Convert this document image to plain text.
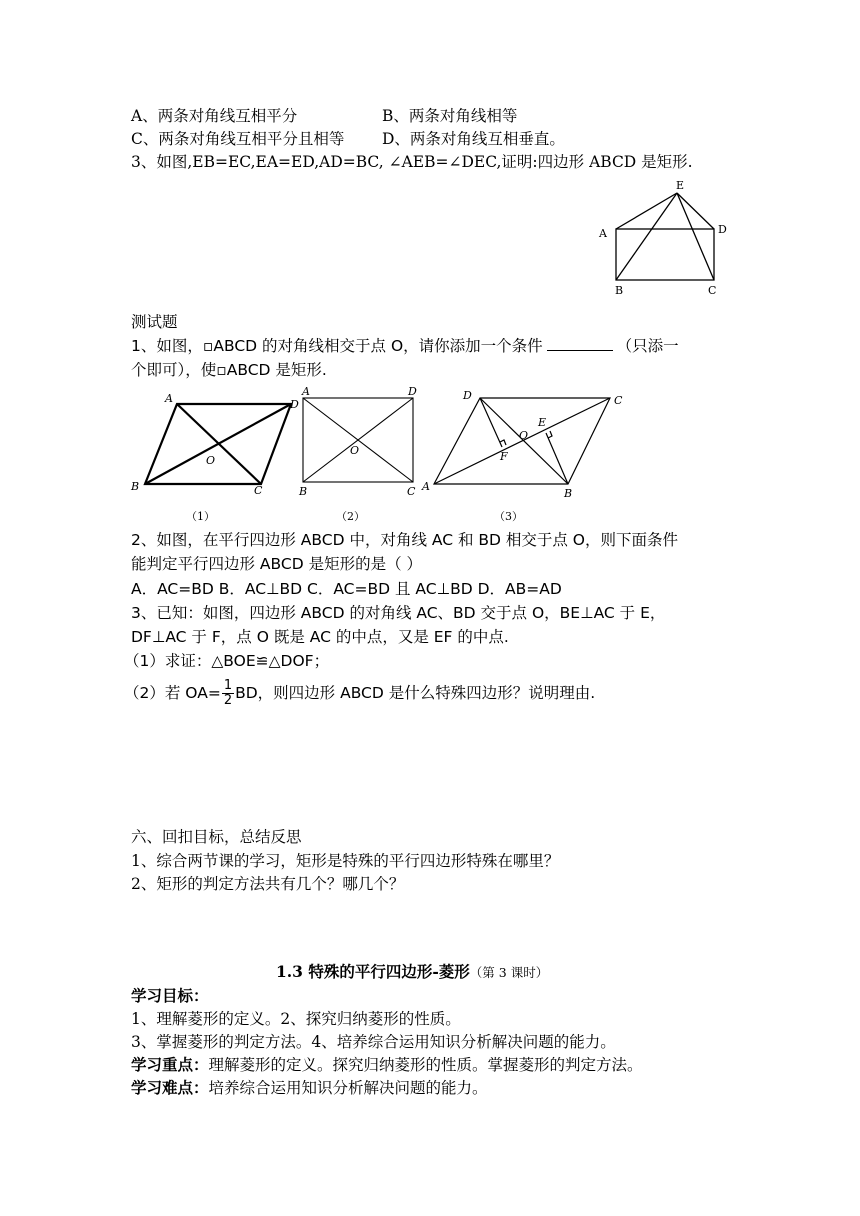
A、两条对角线互相平分	B、两条对角线相等
C、两条对角线互相平分且相等 D、两条对角线互相垂直。
3、如图,EB=EC,EA=ED,AD=BC, ∠AEB=∠DEC,证明:四边形 ABCD 是矩形.
E
A	D
B	C
测试题
1、如图，▫ABCD 的对角线相交于点 O，请你添加一个条件	（只添一
个即可），使▫ABCD 是矩形.
A	D
O
B	C
（1）
A	D
O
B	C
（2）
D	C
E
O
F
A
B
（3）
2、如图，在平行四边形 ABCD 中，对角线 AC 和 BD 相交于点 O，则下面条件
能判定平行四边形 ABCD 是矩形的是（ ）
A．AC=BD B．AC⊥BD C．AC=BD 且 AC⊥BD D．AB=AD
3、已知：如图，四边形 ABCD 的对角线 AC、BD 交于点 O，BE⊥AC 于 E，
DF⊥AC 于 F，点 O 既是 AC 的中点，又是 EF 的中点.
（1）求证：△BOE≌△DOF；
（2）若 $OA= \frac{1}{2}$ BD，则四边形 ABCD 是什么特殊四边形？说明理由.
六、回扣目标，总结反思
1、综合两节课的学习，矩形是特殊的平行四边形特殊在哪里？
2、矩形的判定方法共有几个？哪几个？
1.3 特殊的平行四边形-菱形（第 3 课时）
学习目标：
1、理解菱形的定义。2、探究归纳菱形的性质。
3、掌握菱形的判定方法。4、培养综合运用知识分析解决问题的能力。
学习重点：理解菱形的定义。探究归纳菱形的性质。掌握菱形的判定方法。
学习难点：培养综合运用知识分析解决问题的能力。
